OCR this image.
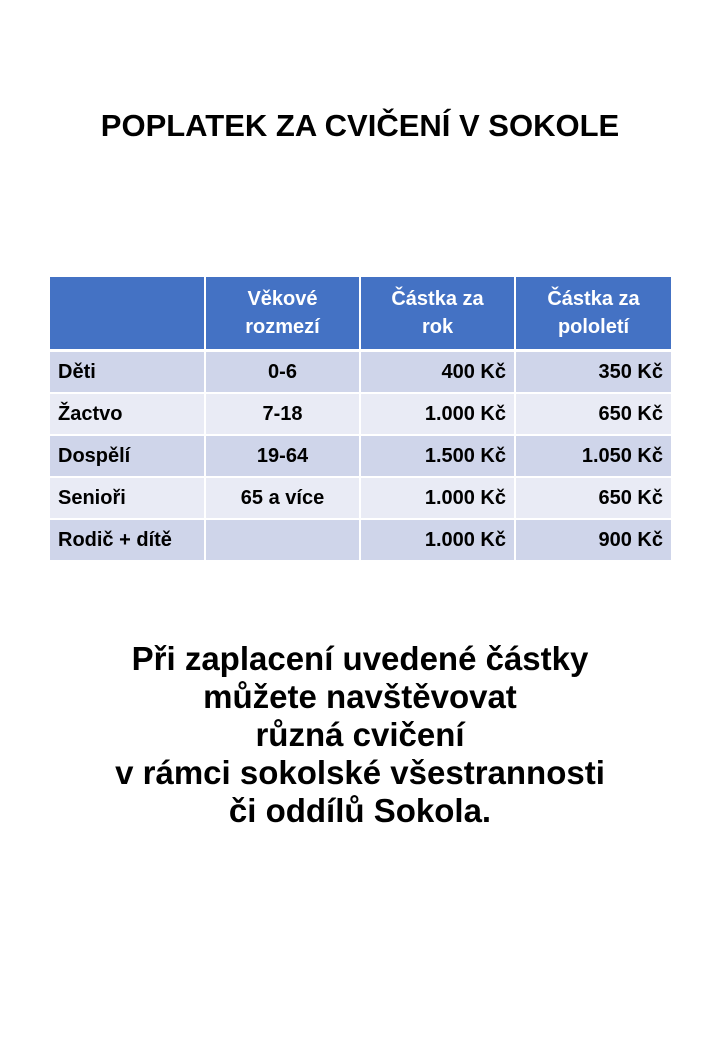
POPLATEK ZA CVIČENÍ V SOKOLE
	Věkové rozmezí	Částka za rok	Částka za pololetí
Děti	0-6	400 Kč	350 Kč
Žactvo	7-18	1.000 Kč	650 Kč
Dospělí	19-64	1.500 Kč	1.050 Kč
Senioři	65 a více	1.000 Kč	650 Kč
Rodič + dítě		1.000 Kč	900 Kč
Při zaplacení uvedené částky
můžete navštěvovat
různá cvičení
v rámci sokolské všestrannosti
či oddílů Sokola.
